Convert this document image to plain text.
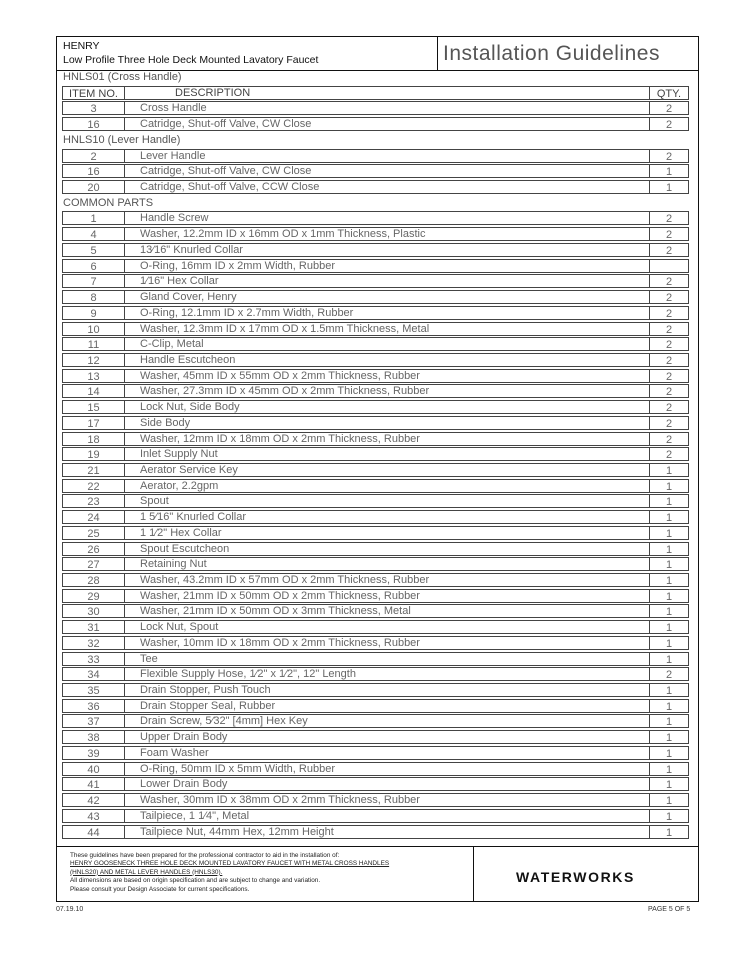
HENRY
Low Profile Three Hole Deck Mounted Lavatory Faucet	Installation Guidelines
HNLS01 (Cross Handle)
ITEM NO.	DESCRIPTION	QTY.
3	Cross Handle	2
16	Catridge, Shut-off Valve, CW Close	2
HNLS10 (Lever Handle)
2	Lever Handle	2
16	Catridge, Shut-off Valve, CW Close	1
20	Catridge, Shut-off Valve, CCW Close	1
COMMON PARTS
1	Handle Screw	2
4	Washer, 12.2mm ID x 16mm OD x 1mm Thickness, Plastic	2
5	13⁄16" Knurled Collar	2
6	O-Ring, 16mm ID x 2mm Width, Rubber
7	1⁄16" Hex Collar	2
8	Gland Cover, Henry	2
9	O-Ring, 12.1mm ID x 2.7mm Width, Rubber	2
10	Washer, 12.3mm ID x 17mm OD x 1.5mm Thickness, Metal	2
11	C-Clip, Metal	2
12	Handle Escutcheon	2
13	Washer, 45mm ID x 55mm OD x 2mm Thickness, Rubber	2
14	Washer, 27.3mm ID x 45mm OD x 2mm Thickness, Rubber	2
15	Lock Nut, Side Body	2
17	Side Body	2
18	Washer, 12mm ID x 18mm OD x 2mm Thickness, Rubber	2
19	Inlet Supply Nut	2
21	Aerator Service Key	1
22	Aerator, 2.2gpm	1
23	Spout	1
24	1 5⁄16" Knurled Collar	1
25	1 1⁄2" Hex Collar	1
26	Spout Escutcheon	1
27	Retaining Nut	1
28	Washer, 43.2mm ID x 57mm OD x 2mm Thickness, Rubber	1
29	Washer, 21mm ID x 50mm OD x 2mm Thickness, Rubber	1
30	Washer, 21mm ID x 50mm OD x 3mm Thickness, Metal	1
31	Lock Nut, Spout	1
32	Washer, 10mm ID x 18mm OD x 2mm Thickness, Rubber	1
33	Tee	1
34	Flexible Supply Hose, 1⁄2" x 1⁄2", 12" Length	2
35	Drain Stopper, Push Touch	1
36	Drain Stopper Seal, Rubber	1
37	Drain Screw, 5⁄32" [4mm] Hex Key	1
38	Upper Drain Body	1
39	Foam Washer	1
40	O-Ring, 50mm ID x 5mm Width, Rubber	1
41	Lower Drain Body	1
42	Washer, 30mm ID x 38mm OD x 2mm Thickness, Rubber	1
43	Tailpiece, 1 1⁄4", Metal	1
44	Tailpiece Nut, 44mm Hex, 12mm Height	1
These guidelines have been prepared for the professional contractor to aid in the installation of:
HENRY GOOSENECK THREE HOLE DECK MOUNTED LAVATORY FAUCET WITH METAL CROSS HANDLES
(HNLS20) AND METAL LEVER HANDLES (HNLS30).
All dimensions are based on origin specification and are subject to change and variation.
Please consult your Design Associate for current specifications.
WATERWORKS
07.19.10	PAGE 5 OF 5
